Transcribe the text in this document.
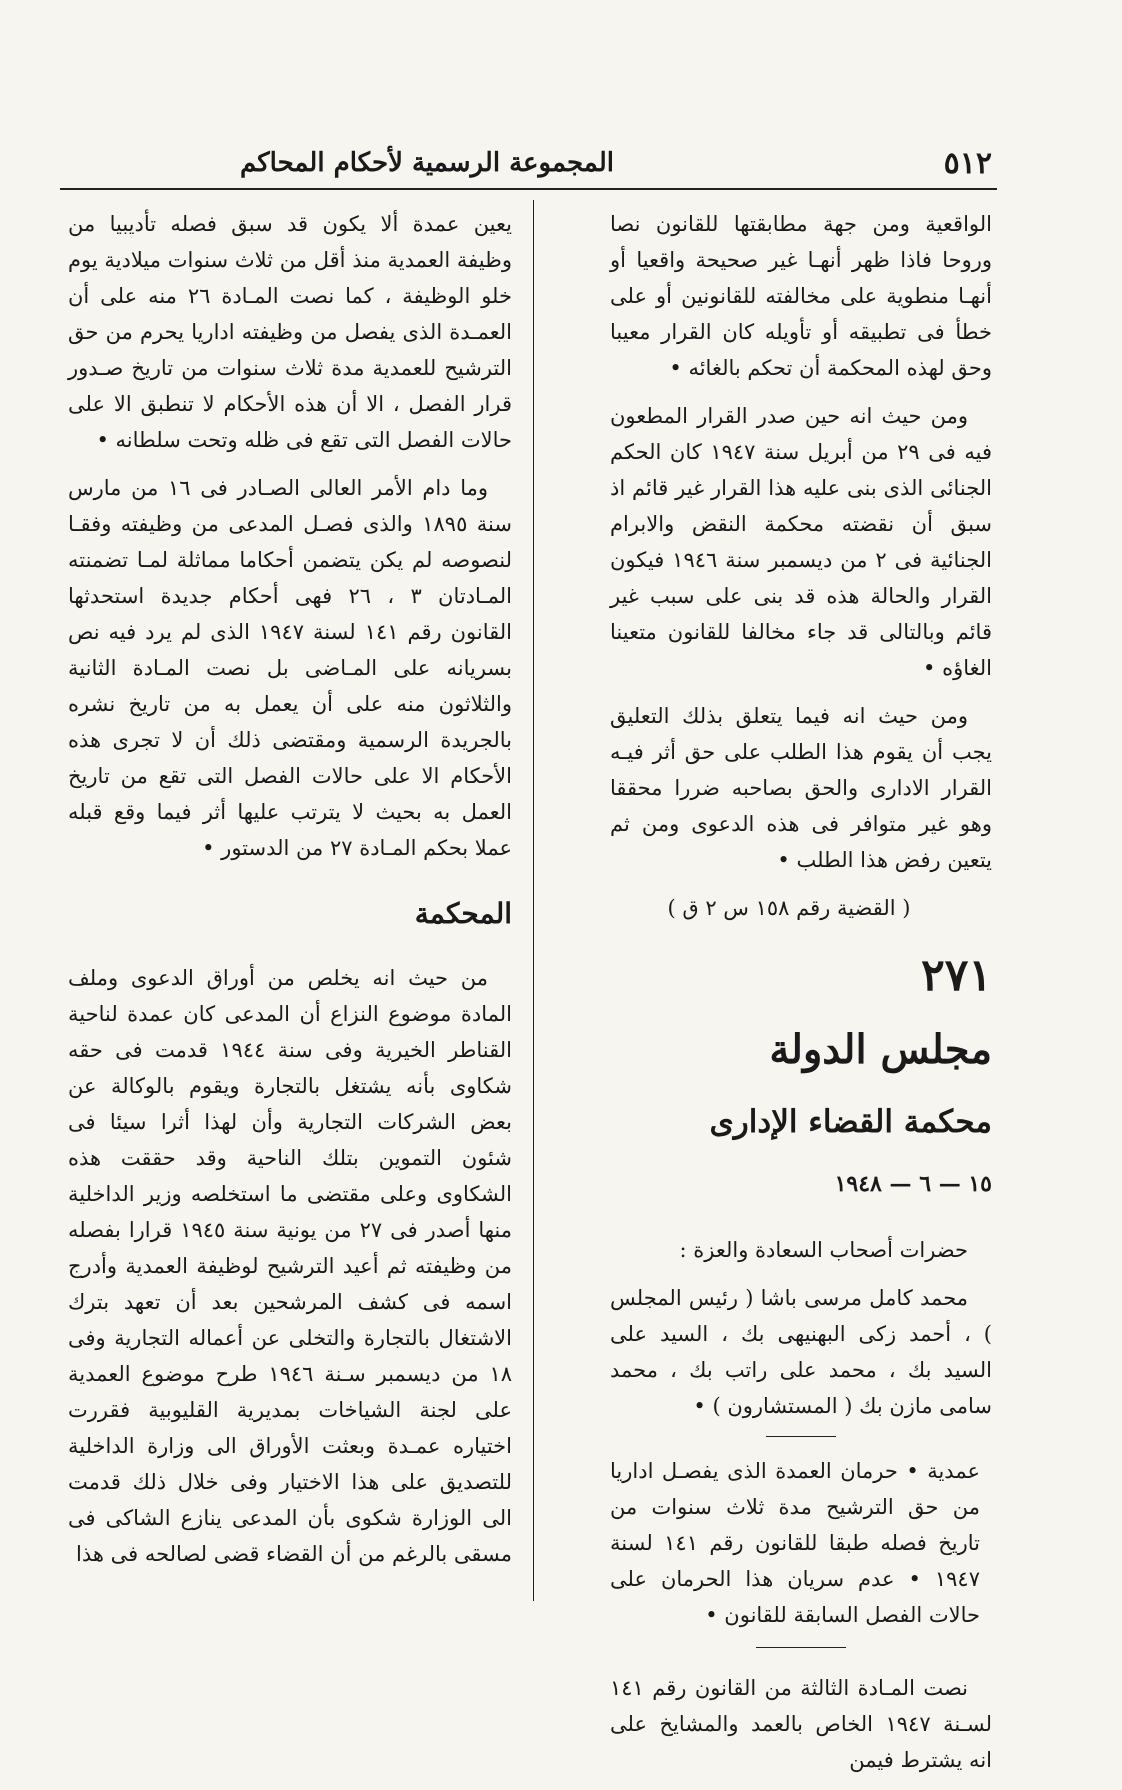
٥١٢
المجموعة الرسمية لأحكام المحاكم

الواقعية ومن جهة مطابقتها للقانون نصا وروحا فاذا ظهر أنهـا غير صحيحة واقعيا أو أنهـا منطوية على مخالفته للقانونين أو على خطأ فى تطبيقه أو تأويله كان القرار معيبا وحق لهذه المحكمة أن تحكم بالغائه •

ومن حيث انه حين صدر القرار المطعون فيه فى ٢٩ من أبريل سنة ١٩٤٧ كان الحكم الجنائى الذى بنى عليه هذا القرار غير قائم اذ سبق أن نقضته محكمة النقض والابرام الجنائية فى ٢ من ديسمبر سنة ١٩٤٦ فيكون القرار والحالة هذه قد بنى على سبب غير قائم وبالتالى قد جاء مخالفا للقانون متعينا الغاؤه •

ومن حيث انه فيما يتعلق بذلك التعليق يجب أن يقوم هذا الطلب على حق أثر فيـه القرار الادارى والحق بصاحبه ضررا محققا وهو غير متوافر فى هذه الدعوى ومن ثم يتعين رفض هذا الطلب •

( القضية رقم ١٥٨ س ٢ ق )

٢٧١
مجلس الدولة
محكمة القضاء الإدارى
١٥ — ٦ — ١٩٤٨

حضرات أصحاب السعادة والعزة :

محمد كامل مرسى باشا ( رئيس المجلس ) ، أحمد زكى البهنيهى بك ، السيد على السيد بك ، محمد على راتب بك ، محمد سامى مازن بك ( المستشارون ) •

عمدية • حرمان العمدة الذى يفصـل اداريا من حق الترشيح مدة ثلاث سنوات من تاريخ فصله طبقا للقانون رقم ١٤١ لسنة ١٩٤٧ • عدم سريان هذا الحرمان على حالات الفصل السابقة للقانون •

نصت المـادة الثالثة من القانون رقم ١٤١ لسـنة ١٩٤٧ الخاص بالعمد والمشايخ على انه يشترط فيمن

يعين عمدة ألا يكون قد سبق فصله تأديبيا من وظيفة العمدية منذ أقل من ثلاث سنوات ميلادية يوم خلو الوظيفة ، كما نصت المـادة ٢٦ منه على أن العمـدة الذى يفصل من وظيفته اداريا يحرم من حق الترشيح للعمدية مدة ثلاث سنوات من تاريخ صـدور قرار الفصل ، الا أن هذه الأحكام لا تنطبق الا على حالات الفصل التى تقع فى ظله وتحت سلطانه •

وما دام الأمر العالى الصـادر فى ١٦ من مارس سنة ١٨٩٥ والذى فصـل المدعى من وظيفته وفقـا لنصوصه لم يكن يتضمن أحكاما مماثلة لمـا تضمنته المـادتان ٣ ، ٢٦ فهى أحكام جديدة استحدثها القانون رقم ١٤١ لسنة ١٩٤٧ الذى لم يرد فيه نص بسريانه على المـاضى بل نصت المـادة الثانية والثلاثون منه على أن يعمل به من تاريخ نشره بالجريدة الرسمية ومقتضى ذلك أن لا تجرى هذه الأحكام الا على حالات الفصل التى تقع من تاريخ العمل به بحيث لا يترتب عليها أثر فيما وقع قبله عملا بحكم المـادة ٢٧ من الدستور •

المحكمة

من حيث انه يخلص من أوراق الدعوى وملف المادة موضوع النزاع أن المدعى كان عمدة لناحية القناطر الخيرية وفى سنة ١٩٤٤ قدمت فى حقه شكاوى بأنه يشتغل بالتجارة ويقوم بالوكالة عن بعض الشركات التجارية وأن لهذا أثرا سيئا فى شئون التموين بتلك الناحية وقد حققت هذه الشكاوى وعلى مقتضى ما استخلصه وزير الداخلية منها أصدر فى ٢٧ من يونية سنة ١٩٤٥ قرارا بفصله من وظيفته ثم أعيد الترشيح لوظيفة العمدية وأدرج اسمه فى كشف المرشحين بعد أن تعهد بترك الاشتغال بالتجارة والتخلى عن أعماله التجارية وفى ١٨ من ديسمبر سـنة ١٩٤٦ طرح موضوع العمدية على لجنة الشياخات بمديرية القليوبية فقررت اختياره عمـدة وبعثت الأوراق الى وزارة الداخلية للتصديق على هذا الاختيار وفى خلال ذلك قدمت الى الوزارة شكوى بأن المدعى ينازع الشاكى فى مسقى بالرغم من أن القضاء قضى لصالحه فى هذا
